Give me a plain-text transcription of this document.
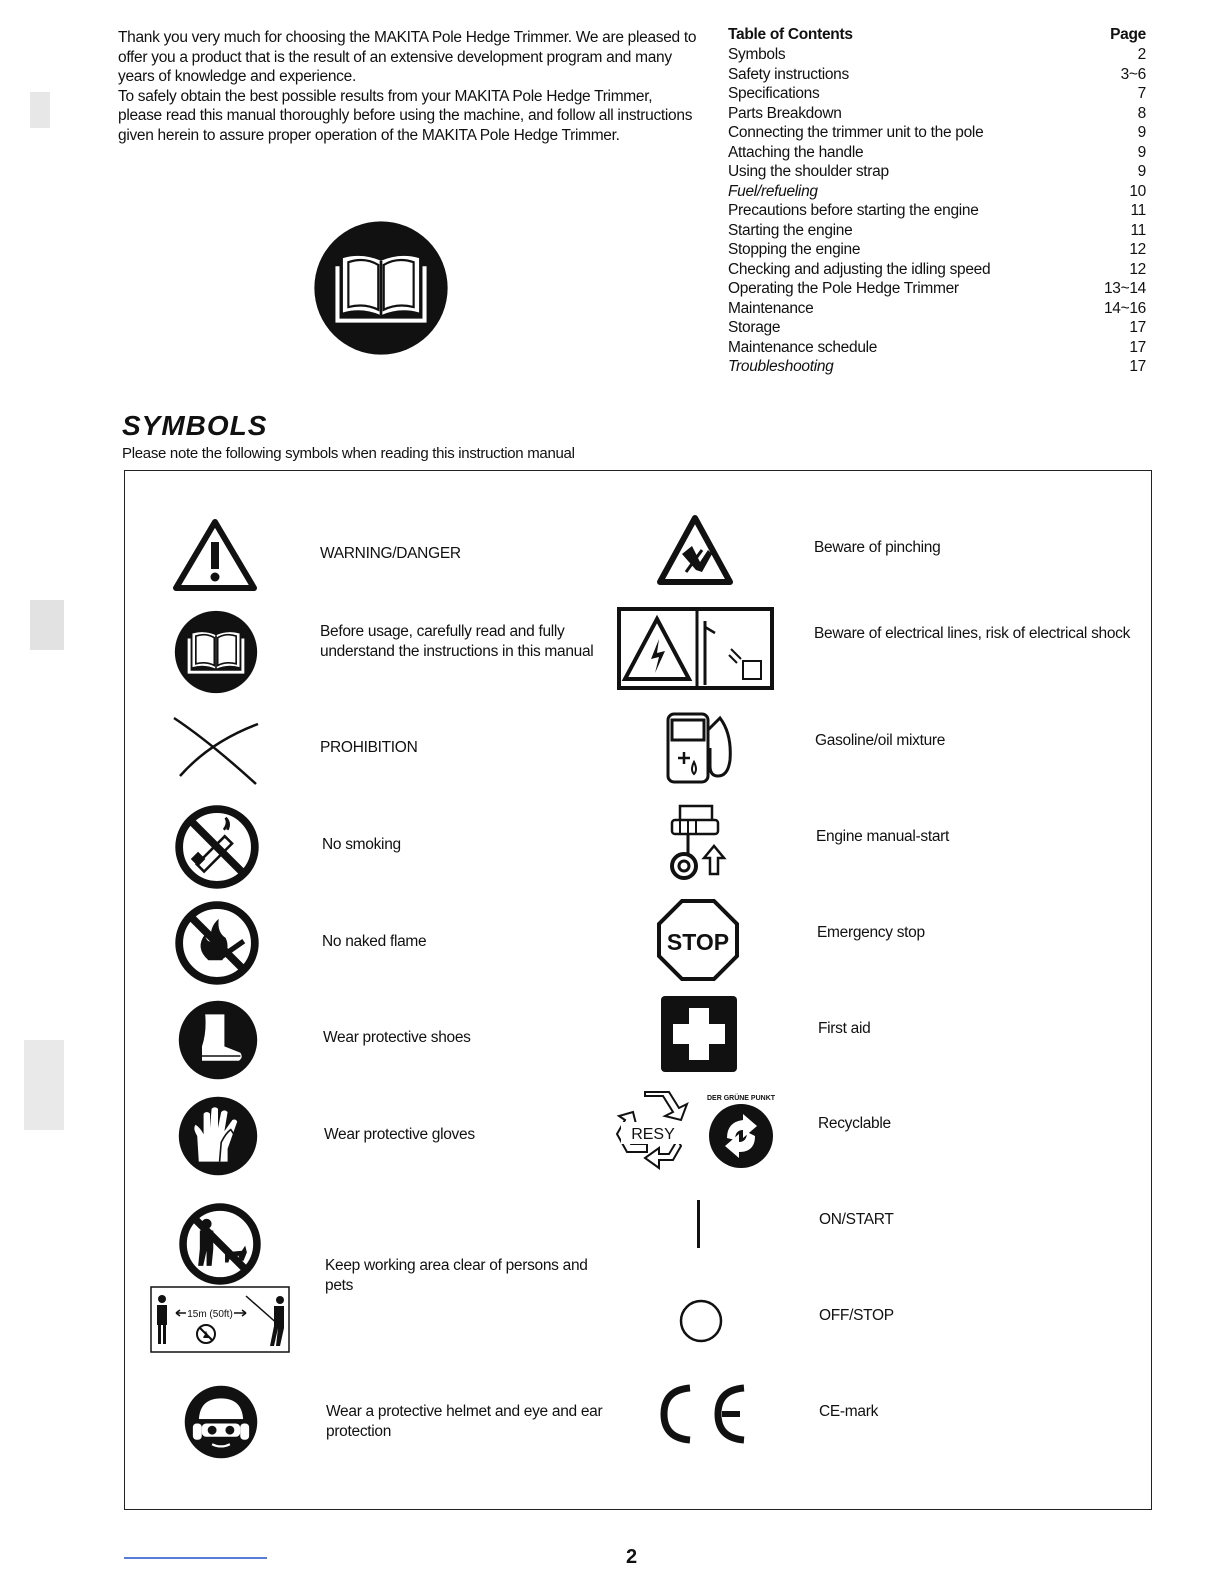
Thank you very much for choosing the MAKITA Pole Hedge Trimmer. We are pleased to offer you a product that is the result of an extensive development program and many years of knowledge and experience.

To safely obtain the best possible results from your MAKITA Pole Hedge Trimmer, please read this manual thoroughly before using the machine, and follow all instructions given herein to assure proper operation of the MAKITA Pole Hedge Trimmer.

Table of Contents	Page
Symbols	2
Safety instructions	3~6
Specifications	7
Parts Breakdown	8
Connecting the trimmer unit to the pole	9
Attaching the handle	9
Using the shoulder strap	9
Fuel/refueling	10
Precautions before starting the engine	11
Starting the engine	11
Stopping the engine	12
Checking and adjusting the idling speed	12
Operating the Pole Hedge Trimmer	13~14
Maintenance	14~16
Storage	17
Maintenance schedule	17
Troubleshooting	17
SYMBOLS
Please note the following symbols when reading this instruction manual
WARNING/DANGER
Before usage, carefully read and fully understand the instructions in this manual
PROHIBITION
No smoking
No naked flame
Wear protective shoes
Wear protective gloves
♟
15m (50ft)
Keep working area clear of persons and pets
Wear a protective helmet and eye and ear protection
Beware of pinching
Beware of electrical lines, risk of electrical shock
Gasoline/oil mixture
Engine manual-start
STOP	Emergency stop
First aid
RESY
DER GRÜNE PUNKT
Recyclable
ON/START
OFF/STOP
CE-mark
2
